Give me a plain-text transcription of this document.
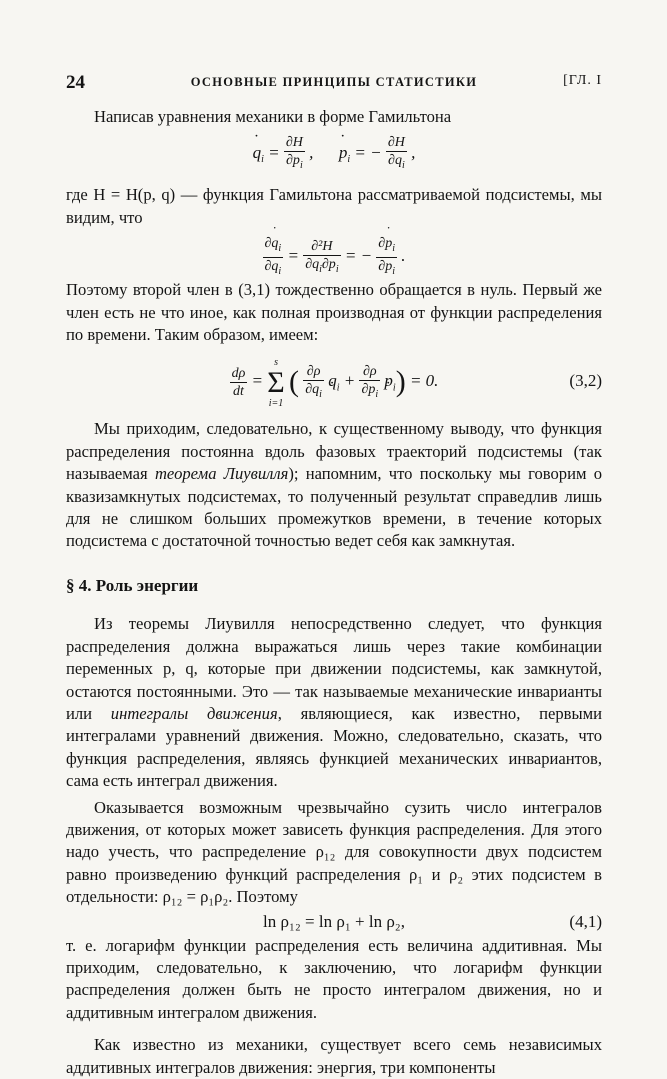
24	ОСНОВНЫЕ ПРИНЦИПЫ СТАТИСТИКИ	[ГЛ. I

Написав уравнения механики в форме Гамильтона

˙ $q_i = \frac{\partial H}{\partial p_i}$ ,      ˙ $p_i$ = − $\frac{\partial H}{\partial q_i}$ ,

где H = H(p, q) — функция Гамильтона рассматриваемой подсистемы, мы видим, что

$\frac{\partial˙ q_i}{\partial q_i} = \frac{\text{∂²H}}{\partial q_i\partial p_i}$ = − $\frac{\partial˙ p_i}{\partial p_i}$ .

Поэтому второй член в (3,1) тождественно обращается в нуль. Первый же член есть не что иное, как полная производная от функции распределения по времени. Таким образом, имеем:

$\frac{d\rho}{dt}$ =
s
Σ
i=1
( $\frac{\partial\rho}{\partial q_i}$ ˙ $q_i + \frac{\partial\rho}{\partial p_i}$ ˙ $p_i) = 0$.	(3,2)

Мы приходим, следовательно, к существенному выводу, что функция распределения постоянна вдоль фазовых траекторий подсистемы (так называемая теорема Лиувилля); напомним, что поскольку мы говорим о квазизамкнутых подсистемах, то полученный результат справедлив лишь для не слишком больших промежутков времени, в течение которых подсистема с достаточной точностью ведет себя как замкнутая.

§ 4. Роль энергии

Из теоремы Лиувилля непосредственно следует, что функция распределения должна выражаться лишь через такие комбинации переменных p, q, которые при движении подсистемы, как замкнутой, остаются постоянными. Это — так называемые механические инварианты или интегралы движения, являющиеся, как известно, первыми интегралами уравнений движения. Можно, следовательно, сказать, что функция распределения, являясь функцией механических инвариантов, сама есть интеграл движения.

Оказывается возможным чрезвычайно сузить число интегралов движения, от которых может зависеть функция распределения. Для этого надо учесть, что распределение ρ₁₂ для совокупности двух подсистем равно произведению функций распределения ρ₁ и ρ₂ этих подсистем в отдельности: ρ₁₂ = ρ₁ρ₂. Поэтому

ln ρ₁₂ = ln ρ₁ + ln ρ₂,	(4,1)

т. е. логарифм функции распределения есть величина аддитивная. Мы приходим, следовательно, к заключению, что логарифм функции распределения должен быть не просто интегралом движения, но и аддитивным интегралом движения.

Как известно из механики, существует всего семь независимых аддитивных интегралов движения: энергия, три компоненты
